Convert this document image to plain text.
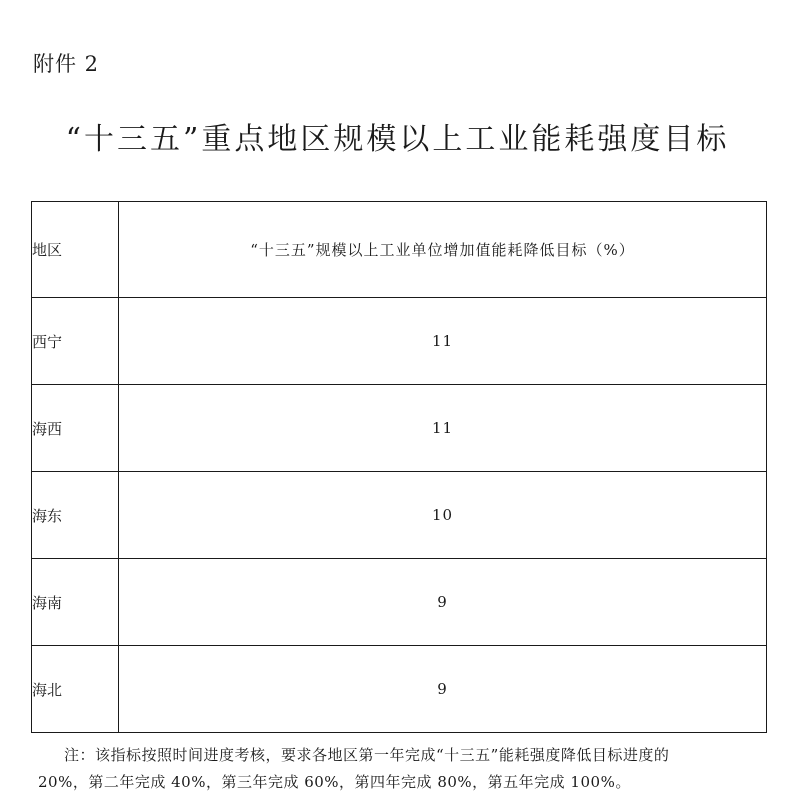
附件 2
“十三五”重点地区规模以上工业能耗强度目标
地区	“十三五”规模以上工业单位增加值能耗降低目标（%）
西宁	11
海西	11
海东	10
海南	9
海北	9
注：该指标按照时间进度考核，要求各地区第一年完成“十三五”能耗强度降低目标进度的
20%，第二年完成 40%，第三年完成 60%，第四年完成 80%，第五年完成 100%。
